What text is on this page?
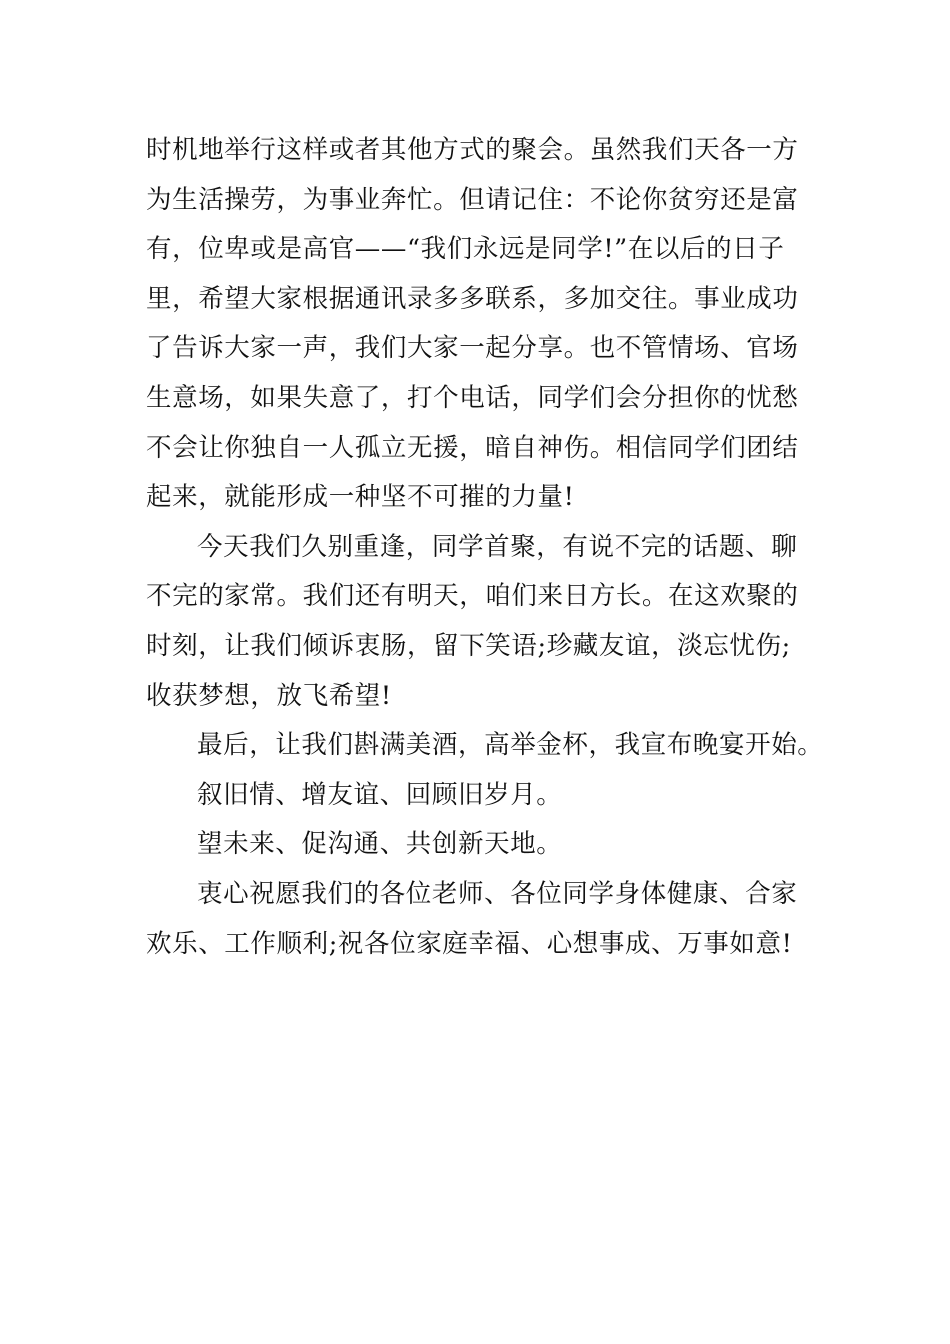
时机地举行这样或者其他方式的聚会。虽然我们天各一方
为生活操劳，为事业奔忙。但请记住：不论你贫穷还是富
有，位卑或是高官——“我们永远是同学!”在以后的日子
里，希望大家根据通讯录多多联系，多加交往。事业成功
了告诉大家一声，我们大家一起分享。也不管情场、官场
生意场，如果失意了，打个电话，同学们会分担你的忧愁
不会让你独自一人孤立无援，暗自神伤。相信同学们团结
起来，就能形成一种坚不可摧的力量!
今天我们久别重逢，同学首聚，有说不完的话题、聊
不完的家常。我们还有明天，咱们来日方长。在这欢聚的
时刻，让我们倾诉衷肠，留下笑语;珍藏友谊，淡忘忧伤;
收获梦想，放飞希望!
最后，让我们斟满美酒，高举金杯，我宣布晚宴开始。
叙旧情、增友谊、回顾旧岁月。
望未来、促沟通、共创新天地。
衷心祝愿我们的各位老师、各位同学身体健康、合家
欢乐、工作顺利;祝各位家庭幸福、心想事成、万事如意!
